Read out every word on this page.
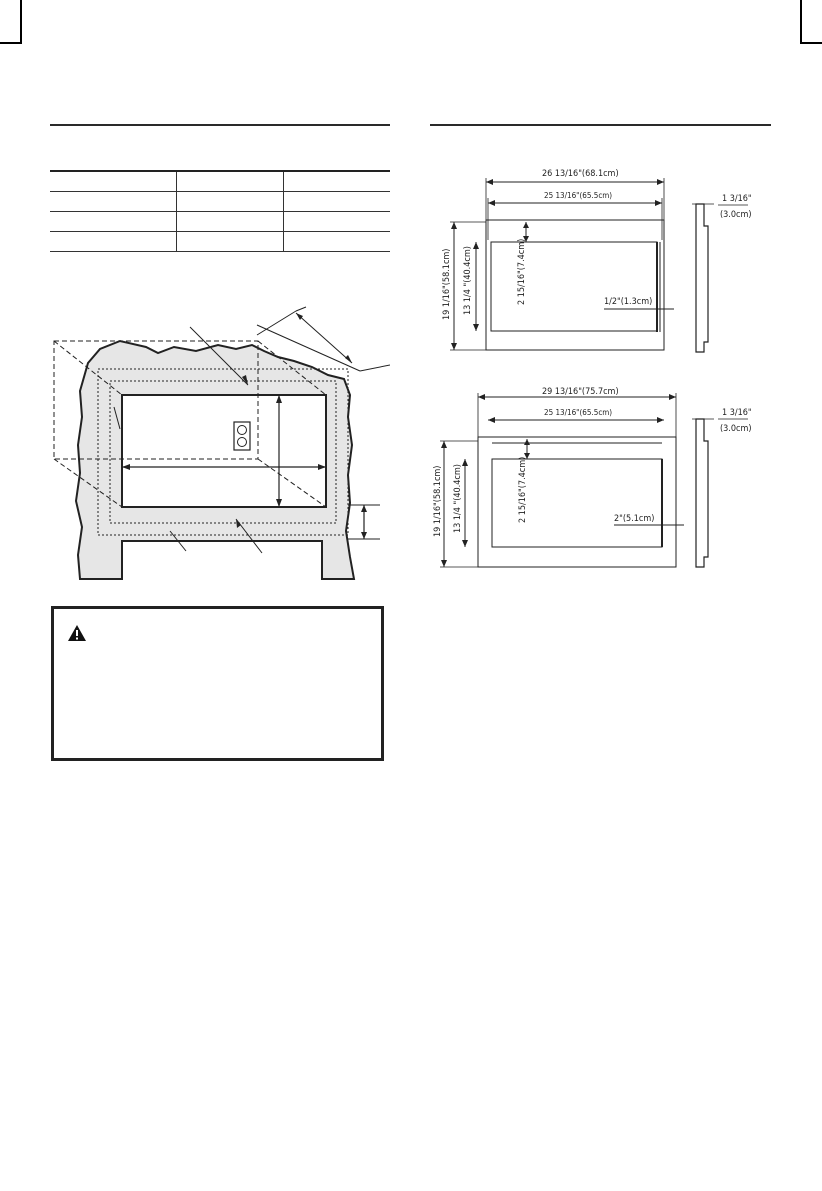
26 13/16"(68.1cm)
25 13/16"(65.5cm)
19 1/16"(58.1cm) 13 1/4 "(40.4cm)	2 15/16"(7.4cm)	1/2"(1.3cm)
1 3/16"
(3.0cm)
29 13/16"(75.7cm)
25 13/16"(65.5cm)
19 1/16"(58.1cm) 13 1/4 "(40.4cm)	2 15/16"(7.4cm)	2"(5.1cm)
1 3/16"
(3.0cm)
